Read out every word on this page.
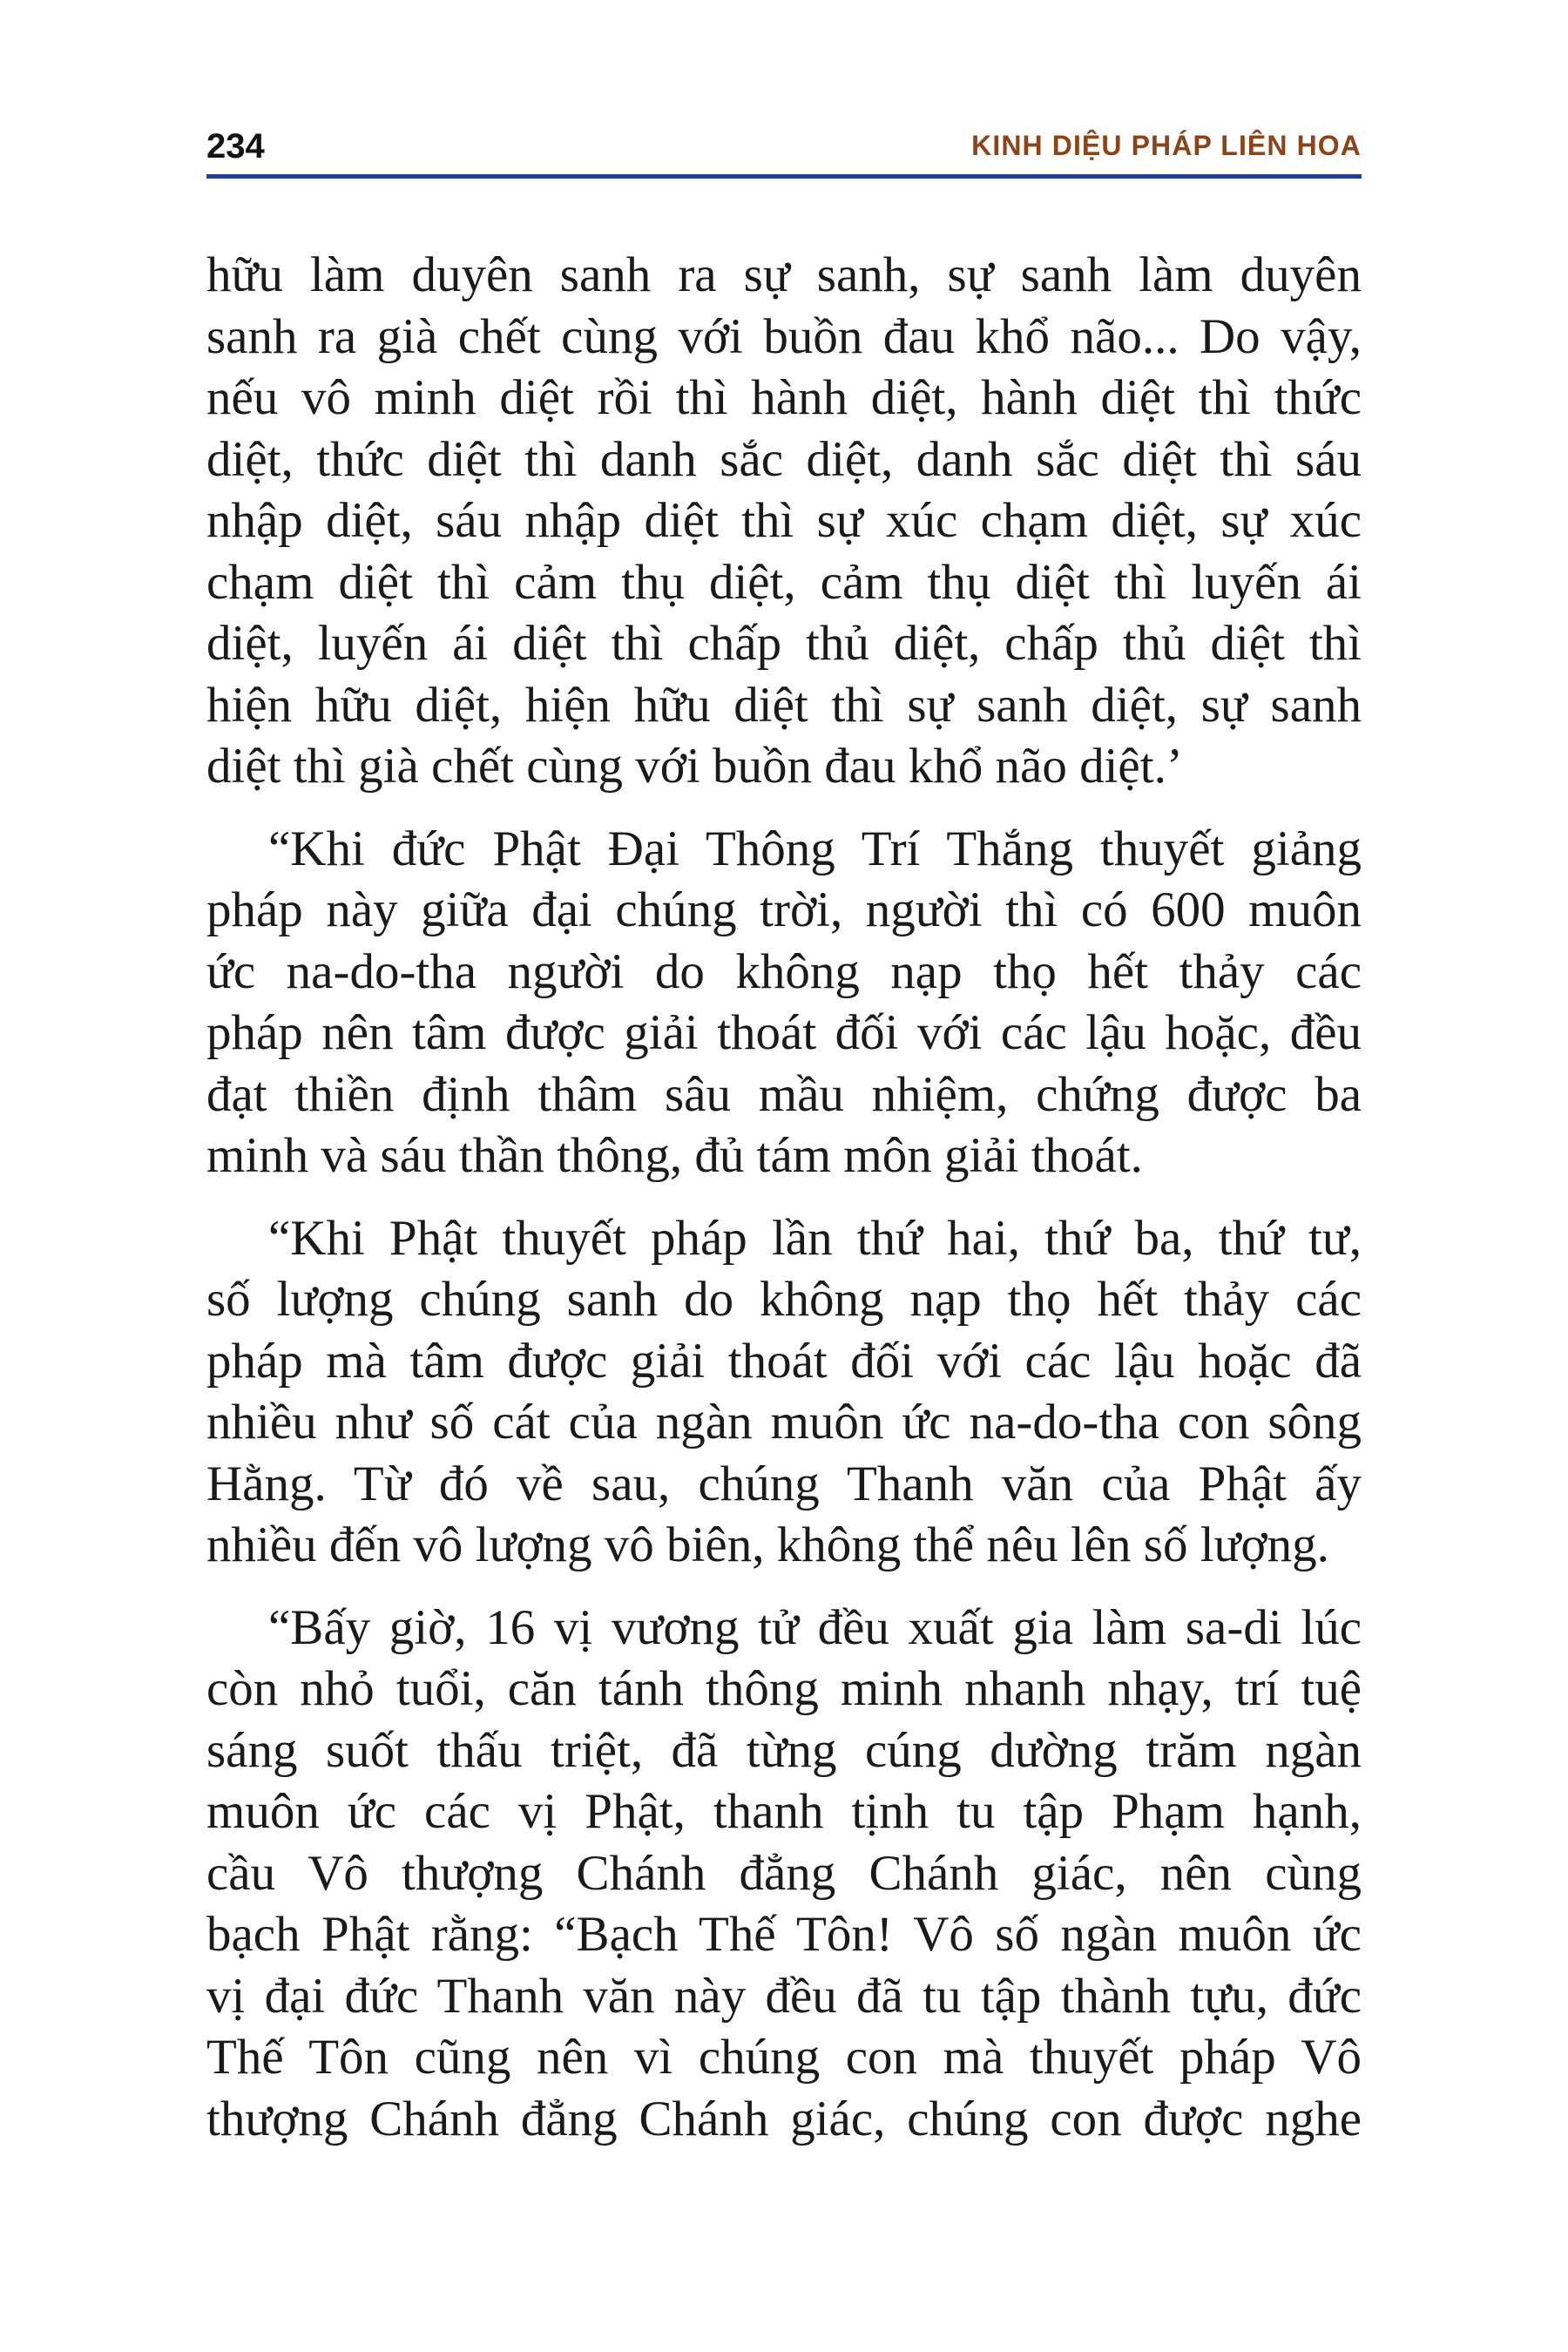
234	KINH DIỆU PHÁP LIÊN HOA
hữu làm duyên sanh ra sự sanh, sự sanh làm duyên
sanh ra già chết cùng với buồn đau khổ não... Do vậy,
nếu vô minh diệt rồi thì hành diệt, hành diệt thì thức
diệt, thức diệt thì danh sắc diệt, danh sắc diệt thì sáu
nhập diệt, sáu nhập diệt thì sự xúc chạm diệt, sự xúc
chạm diệt thì cảm thụ diệt, cảm thụ diệt thì luyến ái
diệt, luyến ái diệt thì chấp thủ diệt, chấp thủ diệt thì
hiện hữu diệt, hiện hữu diệt thì sự sanh diệt, sự sanh
diệt thì già chết cùng với buồn đau khổ não diệt.’
“Khi đức Phật Đại Thông Trí Thắng thuyết giảng
pháp này giữa đại chúng trời, người thì có 600 muôn
ức na-do-tha người do không nạp thọ hết thảy các
pháp nên tâm được giải thoát đối với các lậu hoặc, đều
đạt thiền định thâm sâu mầu nhiệm, chứng được ba
minh và sáu thần thông, đủ tám môn giải thoát.
“Khi Phật thuyết pháp lần thứ hai, thứ ba, thứ tư,
số lượng chúng sanh do không nạp thọ hết thảy các
pháp mà tâm được giải thoát đối với các lậu hoặc đã
nhiều như số cát của ngàn muôn ức na-do-tha con sông
Hằng. Từ đó về sau, chúng Thanh văn của Phật ấy
nhiều đến vô lượng vô biên, không thể nêu lên số lượng.
“Bấy giờ, 16 vị vương tử đều xuất gia làm sa-di lúc
còn nhỏ tuổi, căn tánh thông minh nhanh nhạy, trí tuệ
sáng suốt thấu triệt, đã từng cúng dường trăm ngàn
muôn ức các vị Phật, thanh tịnh tu tập Phạm hạnh,
cầu Vô thượng Chánh đẳng Chánh giác, nên cùng
bạch Phật rằng: “Bạch Thế Tôn! Vô số ngàn muôn ức
vị đại đức Thanh văn này đều đã tu tập thành tựu, đức
Thế Tôn cũng nên vì chúng con mà thuyết pháp Vô
thượng Chánh đẳng Chánh giác, chúng con được nghe
